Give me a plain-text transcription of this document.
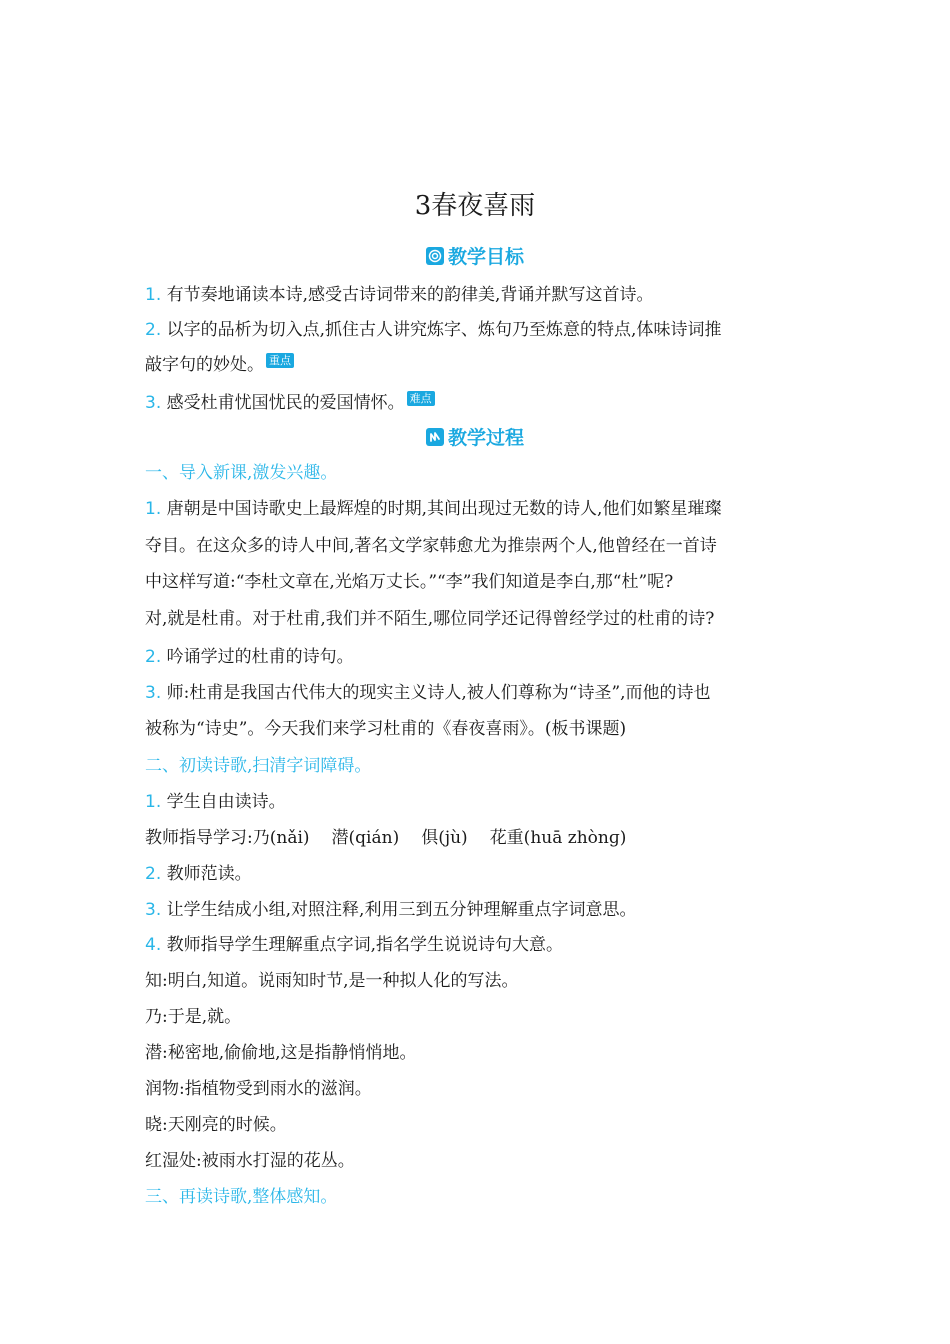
3春夜喜雨
教学目标
1. 有节奏地诵读本诗,感受古诗词带来的韵律美,背诵并默写这首诗。
2. 以字的品析为切入点,抓住古人讲究炼字、炼句乃至炼意的特点,体味诗词推
敲字句的妙处。 重点
3. 感受杜甫忧国忧民的爱国情怀。 难点
教学过程
一、导入新课,激发兴趣。
1. 唐朝是中国诗歌史上最辉煌的时期,其间出现过无数的诗人,他们如繁星璀璨
夺目。在这众多的诗人中间,著名文学家韩愈尤为推崇两个人,他曾经在一首诗
中这样写道:“李杜文章在,光焰万丈长。”“李”我们知道是李白,那“杜”呢?
对,就是杜甫。对于杜甫,我们并不陌生,哪位同学还记得曾经学过的杜甫的诗?
2. 吟诵学过的杜甫的诗句。
3. 师:杜甫是我国古代伟大的现实主义诗人,被人们尊称为“诗圣”,而他的诗也
被称为“诗史”。今天我们来学习杜甫的《春夜喜雨》。(板书课题)
二、初读诗歌,扫清字词障碍。
1. 学生自由读诗。
教师指导学习:乃(nǎi) 潜(qián) 俱(jù) 花重(huā zhònɡ)
2. 教师范读。
3. 让学生结成小组,对照注释,利用三到五分钟理解重点字词意思。
4. 教师指导学生理解重点字词,指名学生说说诗句大意。
知:明白,知道。说雨知时节,是一种拟人化的写法。
乃:于是,就。
潜:秘密地,偷偷地,这是指静悄悄地。
润物:指植物受到雨水的滋润。
晓:天刚亮的时候。
红湿处:被雨水打湿的花丛。
三、再读诗歌,整体感知。
